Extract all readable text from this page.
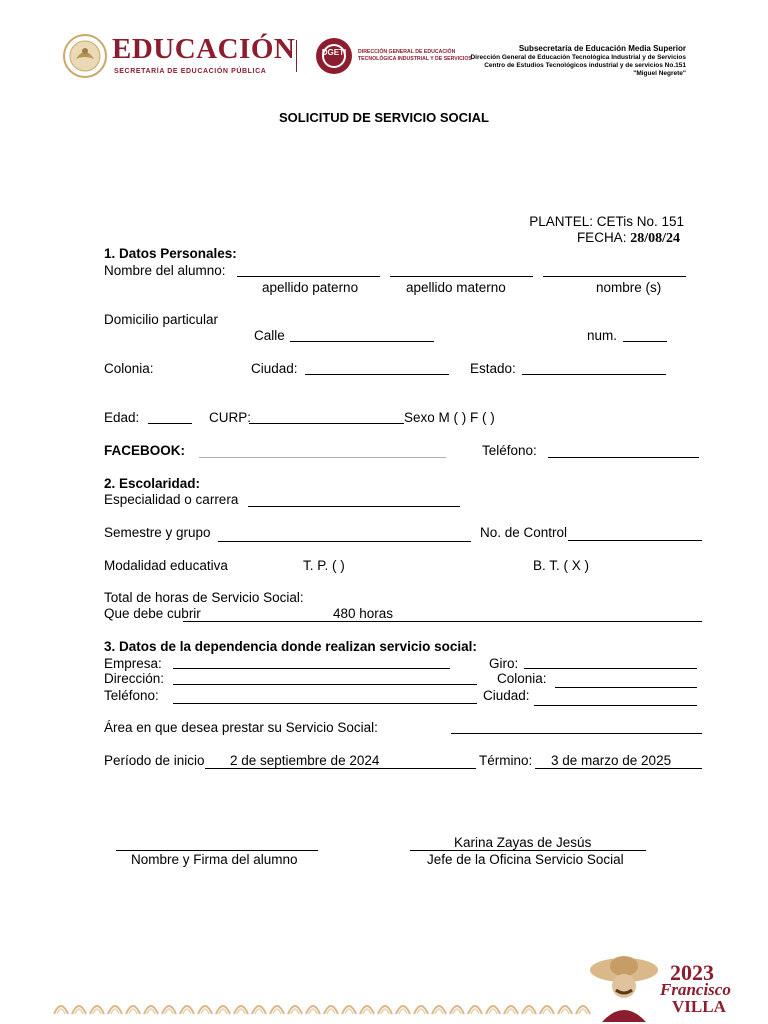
EDUCACIÓN
SECRETARÍA DE EDUCACIÓN PÚBLICA
DGETI	DIRECCIÓN GENERAL DE EDUCACIÓN
TECNOLÓGICA INDUSTRIAL Y DE SERVICIOS
Subsecretaría de Educación Media Superior
Dirección General de Educación Tecnológica Industrial y de Servicios
Centro de Estudios Tecnológicos industrial y de servicios No.151
"Miguel Negrete"
SOLICITUD DE SERVICIO SOCIAL
PLANTEL: CETis No. 151
FECHA: 28/08/24
1. Datos Personales:
Nombre del alumno:
apellido paterno	apellido materno	nombre (s)
Domicilio particular
Calle	num.
Colonia:	Ciudad:	Estado:
Edad:	CURP:	Sexo M ( ) F ( )
FACEBOOK:	Teléfono:
2. Escolaridad:
Especialidad o carrera
Semestre y grupo	No. de Control
Modalidad educativa	T. P. ( )	B. T. ( X )
Total de horas de Servicio Social:
Que debe cubrir	480 horas
3. Datos de la dependencia donde realizan servicio social:
Empresa:	Giro:
Dirección:	Colonia:
Teléfono:	Ciudad:
Área en que desea prestar su Servicio Social:
Período de inicio 2 de septiembre de 2024	Término: 3 de marzo de 2025
Nombre y Firma del alumno
Karina Zayas de Jesús
Jefe de la Oficina Servicio Social
2023
Francisco
VILLA
